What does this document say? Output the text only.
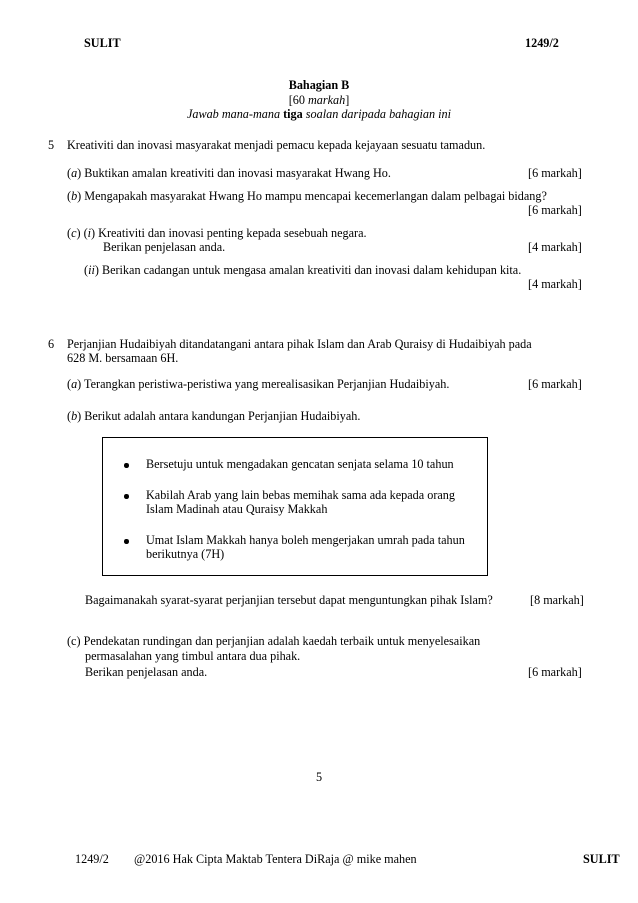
SULIT	1249/2
Bahagian B
[60 markah]
Jawab mana-mana tiga soalan daripada bahagian ini
5 Kreativiti dan inovasi masyarakat menjadi pemacu kepada kejayaan sesuatu tamadun.
(a) Buktikan amalan kreativiti dan inovasi masyarakat Hwang Ho.	[6 markah]
(b) Mengapakah masyarakat Hwang Ho mampu mencapai kecemerlangan dalam pelbagai bidang?
[6 markah]
(c) (i) Kreativiti dan inovasi penting kepada sesebuah negara.
Berikan penjelasan anda.	[4 markah]
(ii) Berikan cadangan untuk mengasa amalan kreativiti dan inovasi dalam kehidupan kita.
[4 markah]
6 Perjanjian Hudaibiyah ditandatangani antara pihak Islam dan Arab Quraisy di Hudaibiyah pada
628 M. bersamaan 6H.
(a) Terangkan peristiwa-peristiwa yang merealisasikan Perjanjian Hudaibiyah.	[6 markah]
(b) Berikut adalah antara kandungan Perjanjian Hudaibiyah.
Bersetuju untuk mengadakan gencatan senjata selama 10 tahun
Kabilah Arab yang lain bebas memihak sama ada kepada orang
Islam Madinah atau Quraisy Makkah
Umat Islam Makkah hanya boleh mengerjakan umrah pada tahun
berikutnya (7H)
Bagaimanakah syarat-syarat perjanjian tersebut dapat menguntungkan pihak Islam?	[8 markah]
(c) Pendekatan rundingan dan perjanjian adalah kaedah terbaik untuk menyelesaikan
permasalahan yang timbul antara dua pihak.
Berikan penjelasan anda.	[6 markah]
5
1249/2 @2016 Hak Cipta Maktab Tentera DiRaja @ mike mahen	SULIT
